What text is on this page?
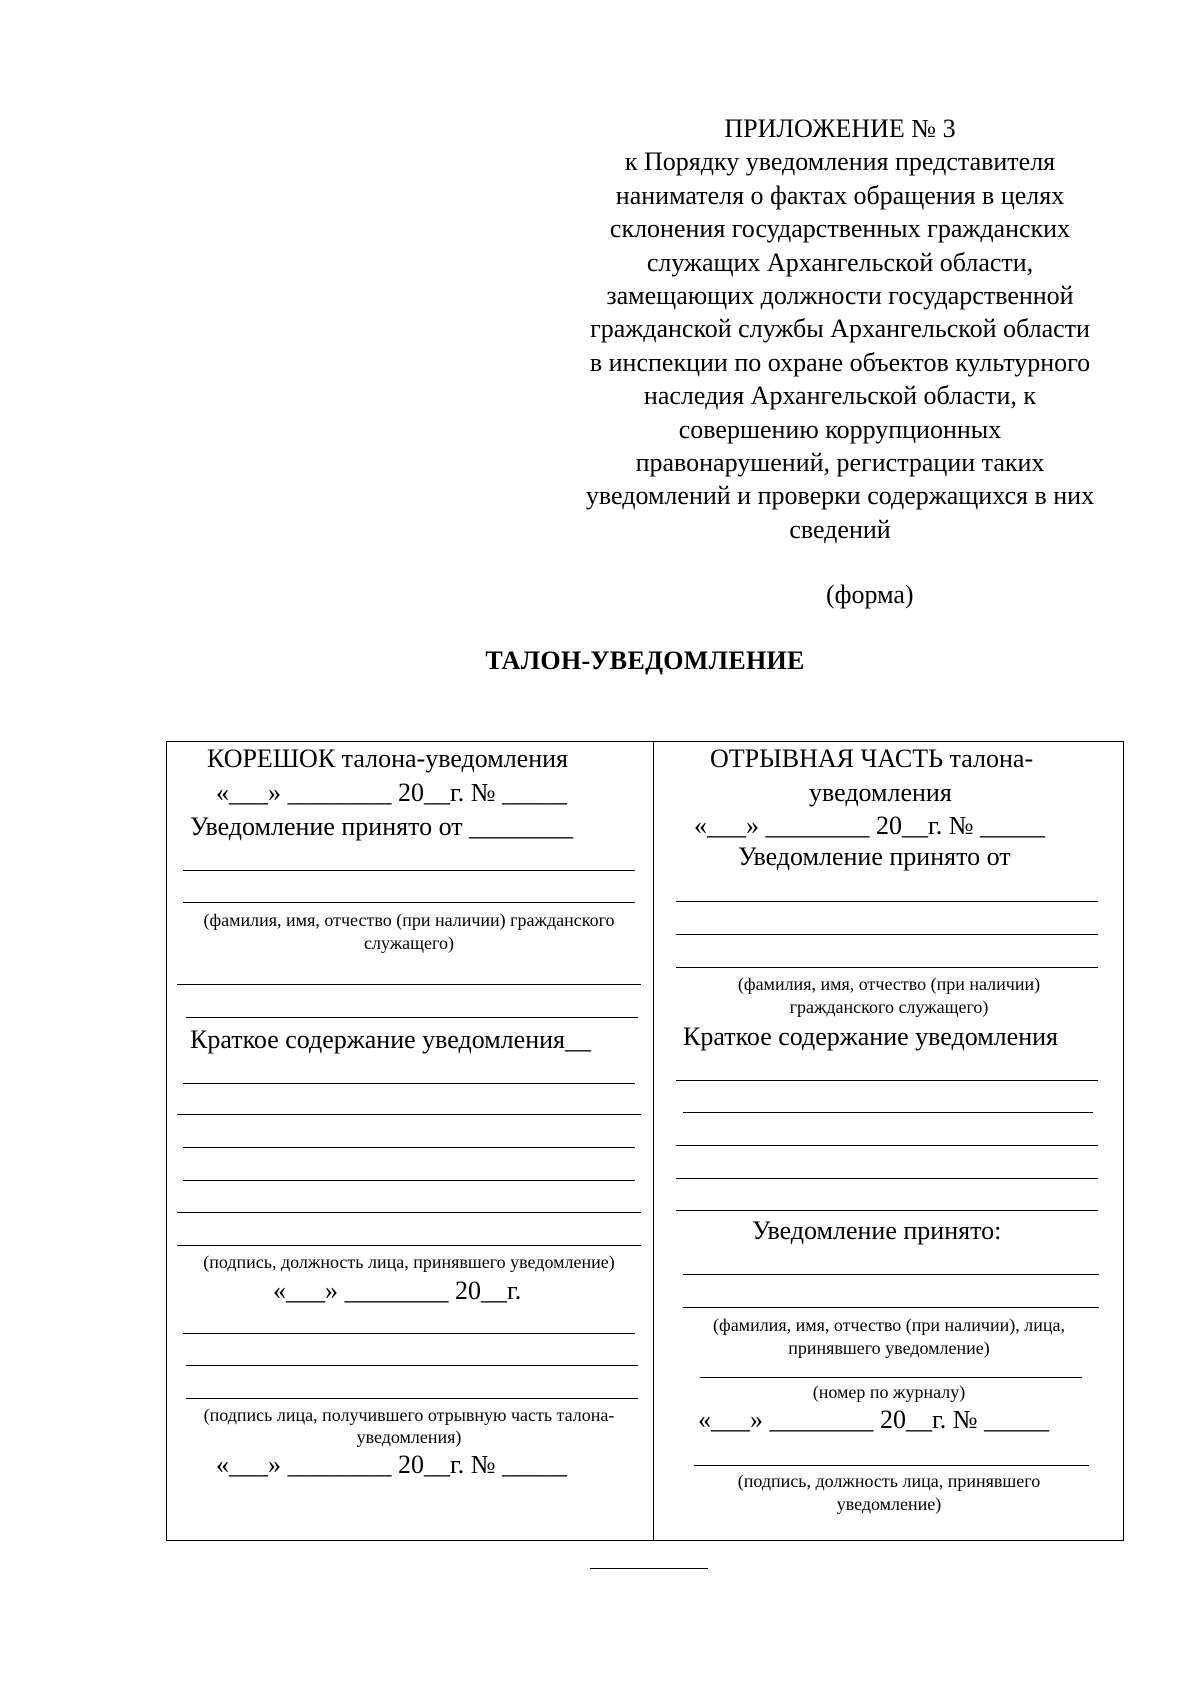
ПРИЛОЖЕНИЕ № 3
к Порядку уведомления представителя
нанимателя о фактах обращения в целях
склонения государственных гражданских
служащих Архангельской области,
замещающих должности государственной
гражданской службы Архангельской области
в инспекции по охране объектов культурного
наследия Архангельской области, к
совершению коррупционных
правонарушений, регистрации таких
уведомлений и проверки содержащихся в них
сведений
(форма)
ТАЛОН-УВЕДОМЛЕНИЕ
КОРЕШОК талона-уведомления
«___» ________ 20__г. № _____
Уведомление принято от ________
(фамилия, имя, отчество (при наличии) гражданского
служащего)
Краткое содержание уведомления__
(подпись, должность лица, принявшего уведомление)
«___» ________ 20__г.
(подпись лица, получившего отрывную часть талона-
уведомления)
«___» ________ 20__г. № _____
ОТРЫВНАЯ ЧАСТЬ талона-
уведомления
«___» ________ 20__г. № _____
Уведомление принято от
(фамилия, имя, отчество (при наличии)
гражданского служащего)
Краткое содержание уведомления
Уведомление принято:
(фамилия, имя, отчество (при наличии), лица,
принявшего уведомление)
(номер по журналу)
«___» ________ 20__г. № _____
(подпись, должность лица, принявшего
уведомление)
